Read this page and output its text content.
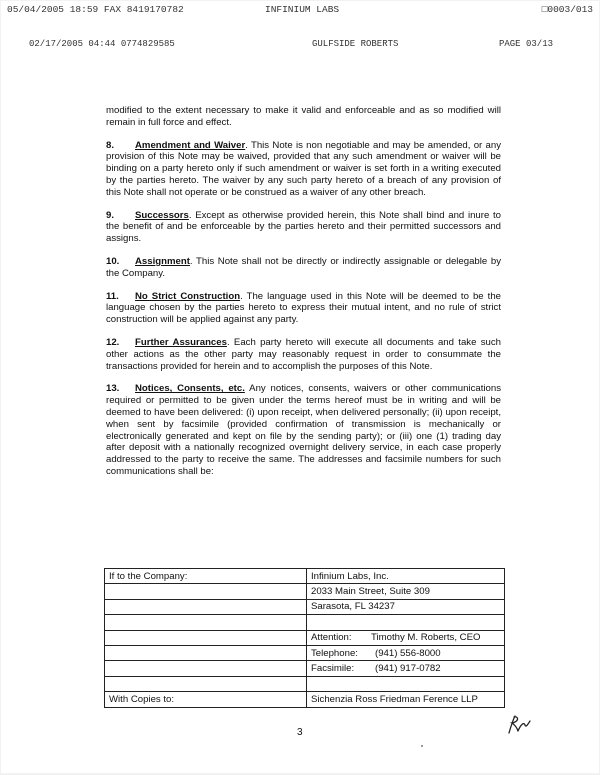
05/04/2005 18:59 FAX 8419170782	INFINIUM LABS	□0003/013
02/17/2005 04:44 0774829585	GULFSIDE ROBERTS	PAGE 03/13

modified to the extent necessary to make it valid and enforceable and as so modified will remain in full force and effect.

8. Amendment and Waiver. This Note is non negotiable and may be amended, or any provision of this Note may be waived, provided that any such amendment or waiver will be binding on a party hereto only if such amendment or waiver is set forth in a writing executed by the parties hereto. The waiver by any such party hereto of a breach of any provision of this Note shall not operate or be construed as a waiver of any other breach.

9. Successors. Except as otherwise provided herein, this Note shall bind and inure to the benefit of and be enforceable by the parties hereto and their permitted successors and assigns.

10. Assignment. This Note shall not be directly or indirectly assignable or delegable by the Company.

11. No Strict Construction. The language used in this Note will be deemed to be the language chosen by the parties hereto to express their mutual intent, and no rule of strict construction will be applied against any party.

12. Further Assurances. Each party hereto will execute all documents and take such other actions as the other party may reasonably request in order to consummate the transactions provided for herein and to accomplish the purposes of this Note.

13. Notices, Consents, etc. Any notices, consents, waivers or other communications required or permitted to be given under the terms hereof must be in writing and will be deemed to have been delivered: (i) upon receipt, when delivered personally; (ii) upon receipt, when sent by facsimile (provided confirmation of transmission is mechanically or electronically generated and kept on file by the sending party); or (iii) one (1) trading day after deposit with a nationally recognized overnight delivery service, in each case properly addressed to the party to receive the same. The addresses and facsimile numbers for such communications shall be:

If to the Company:	Infinium Labs, Inc.
	2033 Main Street, Suite 309
	Sarasota, FL 34237

	Attention: Timothy M. Roberts, CEO
	Telephone: (941) 556-8000
	Facsimile: (941) 917-0782

With Copies to:	Sichenzia Ross Friedman Ference LLP
3
